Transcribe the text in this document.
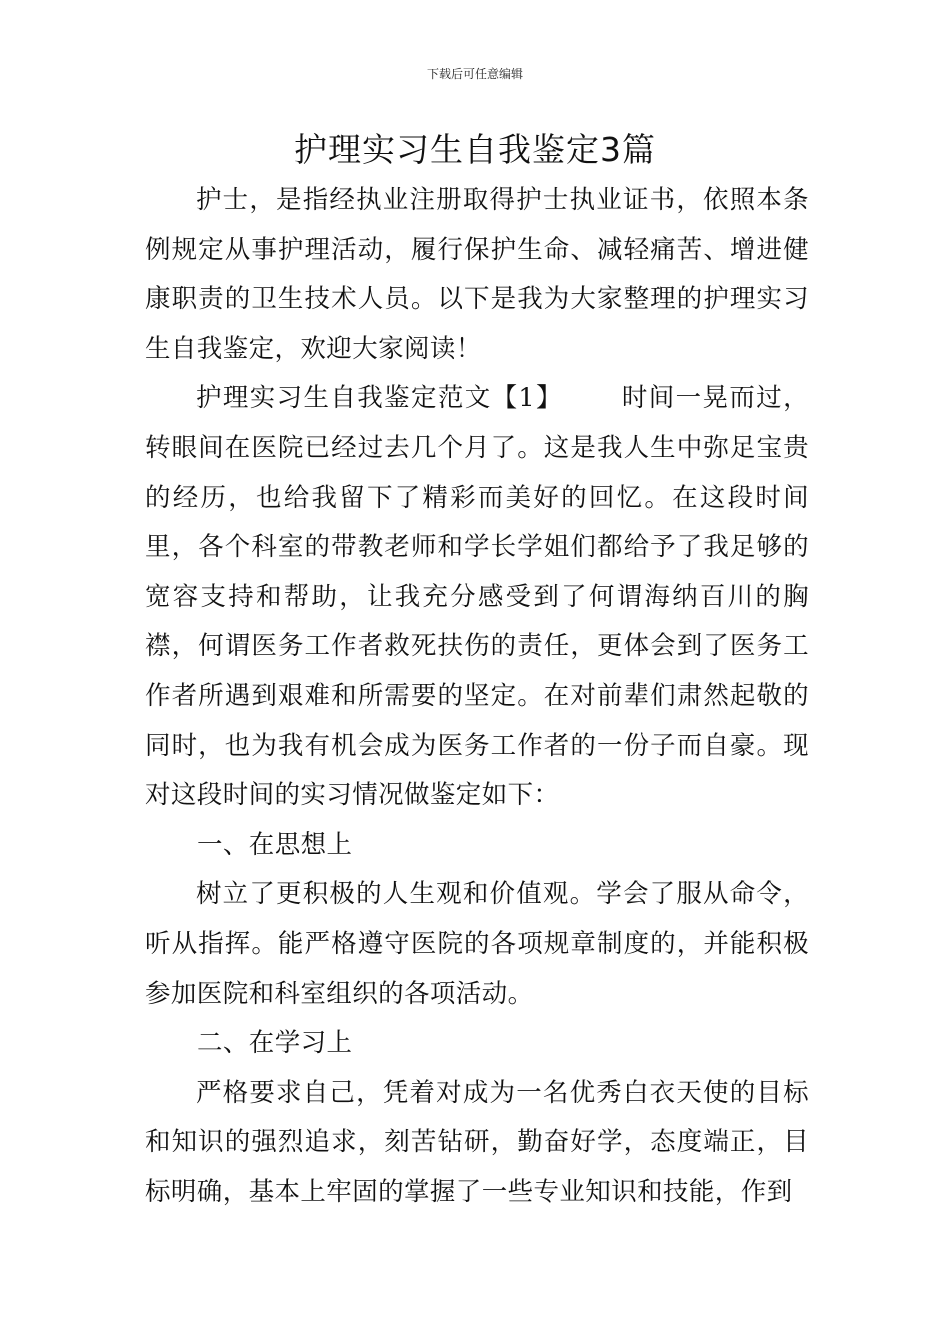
下载后可任意编辑
护理实习生自我鉴定3篇

护士，是指经执业注册取得护士执业证书，依照本条例规定从事护理活动，履行保护生命、减轻痛苦、增进健康职责的卫生技术人员。以下是我为大家整理的护理实习生自我鉴定，欢迎大家阅读！

护理实习生自我鉴定范文【1】 时间一晃而过，转眼间在医院已经过去几个月了。这是我人生中弥足宝贵的经历，也给我留下了精彩而美好的回忆。在这段时间里，各个科室的带教老师和学长学姐们都给予了我足够的宽容支持和帮助，让我充分感受到了何谓海纳百川的胸襟，何谓医务工作者救死扶伤的责任，更体会到了医务工作者所遇到艰难和所需要的坚定。在对前辈们肃然起敬的同时，也为我有机会成为医务工作者的一份子而自豪。现对这段时间的实习情况做鉴定如下：

一、在思想上

树立了更积极的人生观和价值观。学会了服从命令，听从指挥。能严格遵守医院的各项规章制度的，并能积极参加医院和科室组织的各项活动。

二、在学习上

严格要求自己，凭着对成为一名优秀白衣天使的目标和知识的强烈追求，刻苦钻研，勤奋好学，态度端正，目标明确，基本上牢固的掌握了一些专业知识和技能，作到
